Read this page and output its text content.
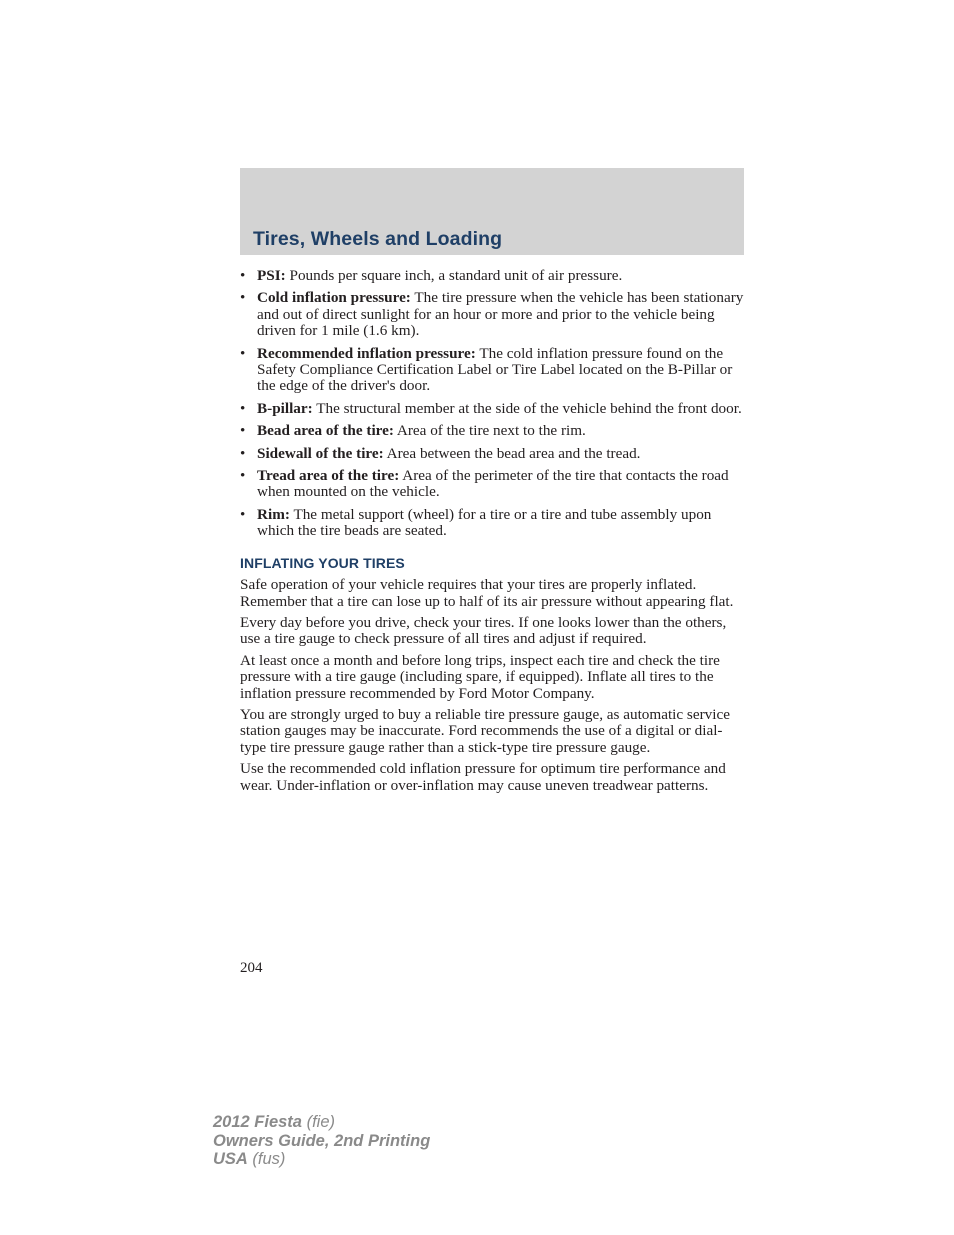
Tires, Wheels and Loading
• PSI: Pounds per square inch, a standard unit of air pressure.
• Cold inflation pressure: The tire pressure when the vehicle has been stationary and out of direct sunlight for an hour or more and prior to the vehicle being driven for 1 mile (1.6 km).
• Recommended inflation pressure: The cold inflation pressure found on the Safety Compliance Certification Label or Tire Label located on the B-Pillar or the edge of the driver's door.
• B-pillar: The structural member at the side of the vehicle behind the front door.
• Bead area of the tire: Area of the tire next to the rim.
• Sidewall of the tire: Area between the bead area and the tread.
• Tread area of the tire: Area of the perimeter of the tire that contacts the road when mounted on the vehicle.
• Rim: The metal support (wheel) for a tire or a tire and tube assembly upon which the tire beads are seated.
INFLATING YOUR TIRES

Safe operation of your vehicle requires that your tires are properly inflated. Remember that a tire can lose up to half of its air pressure without appearing flat.

Every day before you drive, check your tires. If one looks lower than the others, use a tire gauge to check pressure of all tires and adjust if required.

At least once a month and before long trips, inspect each tire and check the tire pressure with a tire gauge (including spare, if equipped). Inflate all tires to the inflation pressure recommended by Ford Motor Company.

You are strongly urged to buy a reliable tire pressure gauge, as automatic service station gauges may be inaccurate. Ford recommends the use of a digital or dial-type tire pressure gauge rather than a stick-type tire pressure gauge.

Use the recommended cold inflation pressure for optimum tire performance and wear. Under-inflation or over-inflation may cause uneven treadwear patterns.

204
2012 Fiesta (fie)
Owners Guide, 2nd Printing
USA (fus)
